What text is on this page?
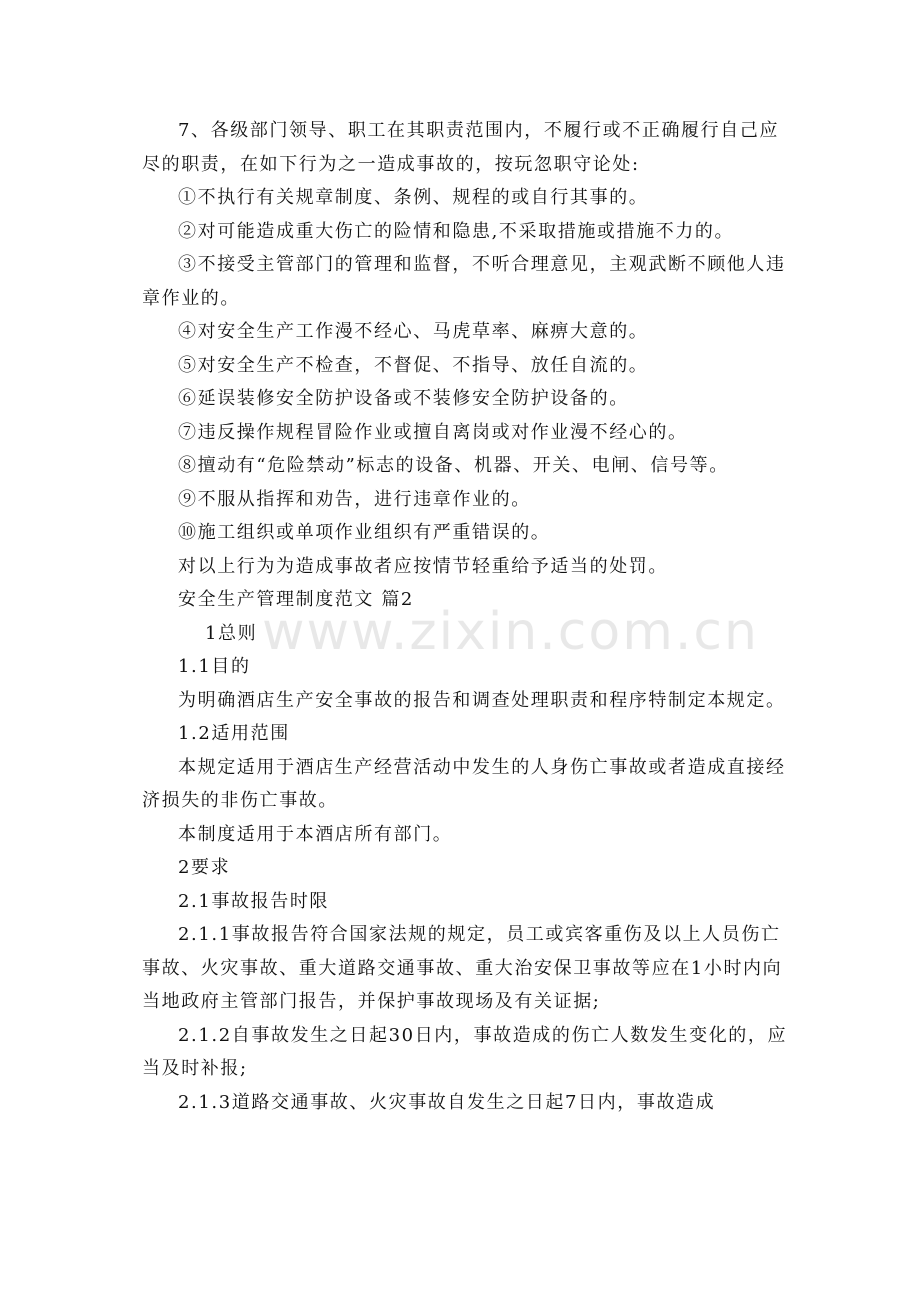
7、各级部门领导、职工在其职责范围内，不履行或不正确履行自己应尽的职责，在如下行为之一造成事故的，按玩忽职守论处:

①不执行有关规章制度、条例、规程的或自行其事的。

②对可能造成重大伤亡的险情和隐患,不采取措施或措施不力的。

③不接受主管部门的管理和监督，不听合理意见，主观武断不顾他人违章作业的。

④对安全生产工作漫不经心、马虎草率、麻痹大意的。

⑤对安全生产不检查，不督促、不指导、放任自流的。

⑥延误装修安全防护设备或不装修安全防护设备的。

⑦违反操作规程冒险作业或擅自离岗或对作业漫不经心的。

⑧擅动有“危险禁动”标志的设备、机器、开关、电闸、信号等。

⑨不服从指挥和劝告，进行违章作业的。

⑩施工组织或单项作业组织有严重错误的。

对以上行为为造成事故者应按情节轻重给予适当的处罚。

安全生产管理制度范文 篇2

1总则

1.1目的

为明确酒店生产安全事故的报告和调查处理职责和程序特制定本规定。

1.2适用范围

本规定适用于酒店生产经营活动中发生的人身伤亡事故或者造成直接经济损失的非伤亡事故。

本制度适用于本酒店所有部门。

2要求

2.1事故报告时限

2.1.1事故报告符合国家法规的规定，员工或宾客重伤及以上人员伤亡事故、火灾事故、重大道路交通事故、重大治安保卫事故等应在1小时内向当地政府主管部门报告，并保护事故现场及有关证据;

2.1.2自事故发生之日起30日内，事故造成的伤亡人数发生变化的，应当及时补报;

2.1.3道路交通事故、火灾事故自发生之日起7日内，事故造成

www.zixin.com.cn
